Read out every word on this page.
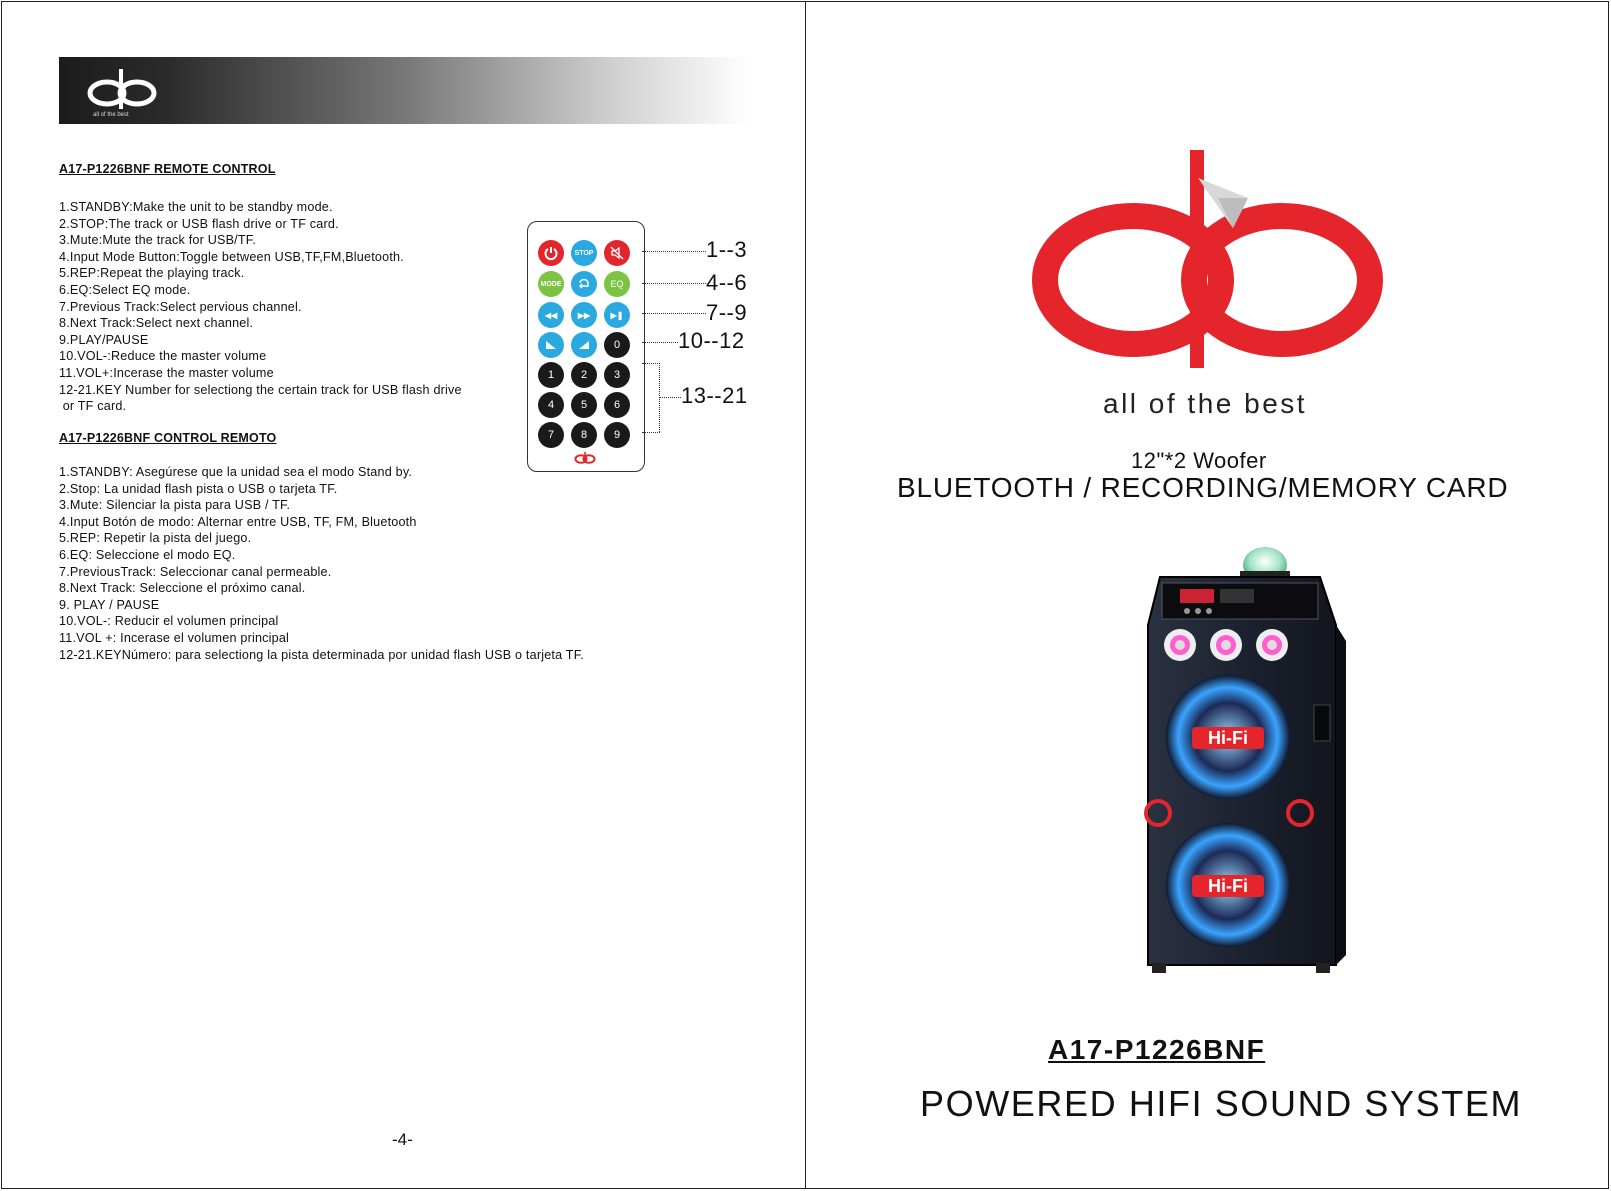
all of the best
A17-P1226BNF REMOTE CONTROL
1.STANDBY:Make the unit to be standby mode.
2.STOP:The track or USB flash drive or TF card.
3.Mute:Mute the track for USB/TF.
4.Input Mode Button:Toggle between USB,TF,FM,Bluetooth.
5.REP:Repeat the playing track.
6.EQ:Select EQ mode.
7.Previous Track:Select pervious channel.
8.Next Track:Select next channel.
9.PLAY/PAUSE
10.VOL-:Reduce the master volume
11.VOL+:Incerase the master volume
12-21.KEY Number for selectiong the certain track for USB flash drive
or TF card.
A17-P1226BNF CONTROL REMOTO
1.STANDBY: Asegúrese que la unidad sea el modo Stand by.
2.Stop: La unidad flash pista o USB o tarjeta TF.
3.Mute: Silenciar la pista para USB / TF.
4.Input Botón de modo: Alternar entre USB, TF, FM, Bluetooth
5.REP: Repetir la pista del juego.
6.EQ: Seleccione el modo EQ.
7.PreviousTrack: Seleccionar canal permeable.
8.Next Track: Seleccione el próximo canal.
9. PLAY / PAUSE
10.VOL-: Reducir el volumen principal
11.VOL +: Incerase el volumen principal
12-21.KEYNúmero: para selectiong la pista determinada por unidad flash USB o tarjeta TF.
STOP
MODE	EQ
◀◀	▶▶	▶❚
0
1	2	3
4	5	6
7	8	9
1--3
4--6
7--9
10--12
13--21
-4-
all of the best
12"*2 Woofer
BLUETOOTH / RECORDING/MEMORY CARD
Hi-Fi
Hi-Fi
A17-P1226BNF
POWERED HIFI SOUND SYSTEM
